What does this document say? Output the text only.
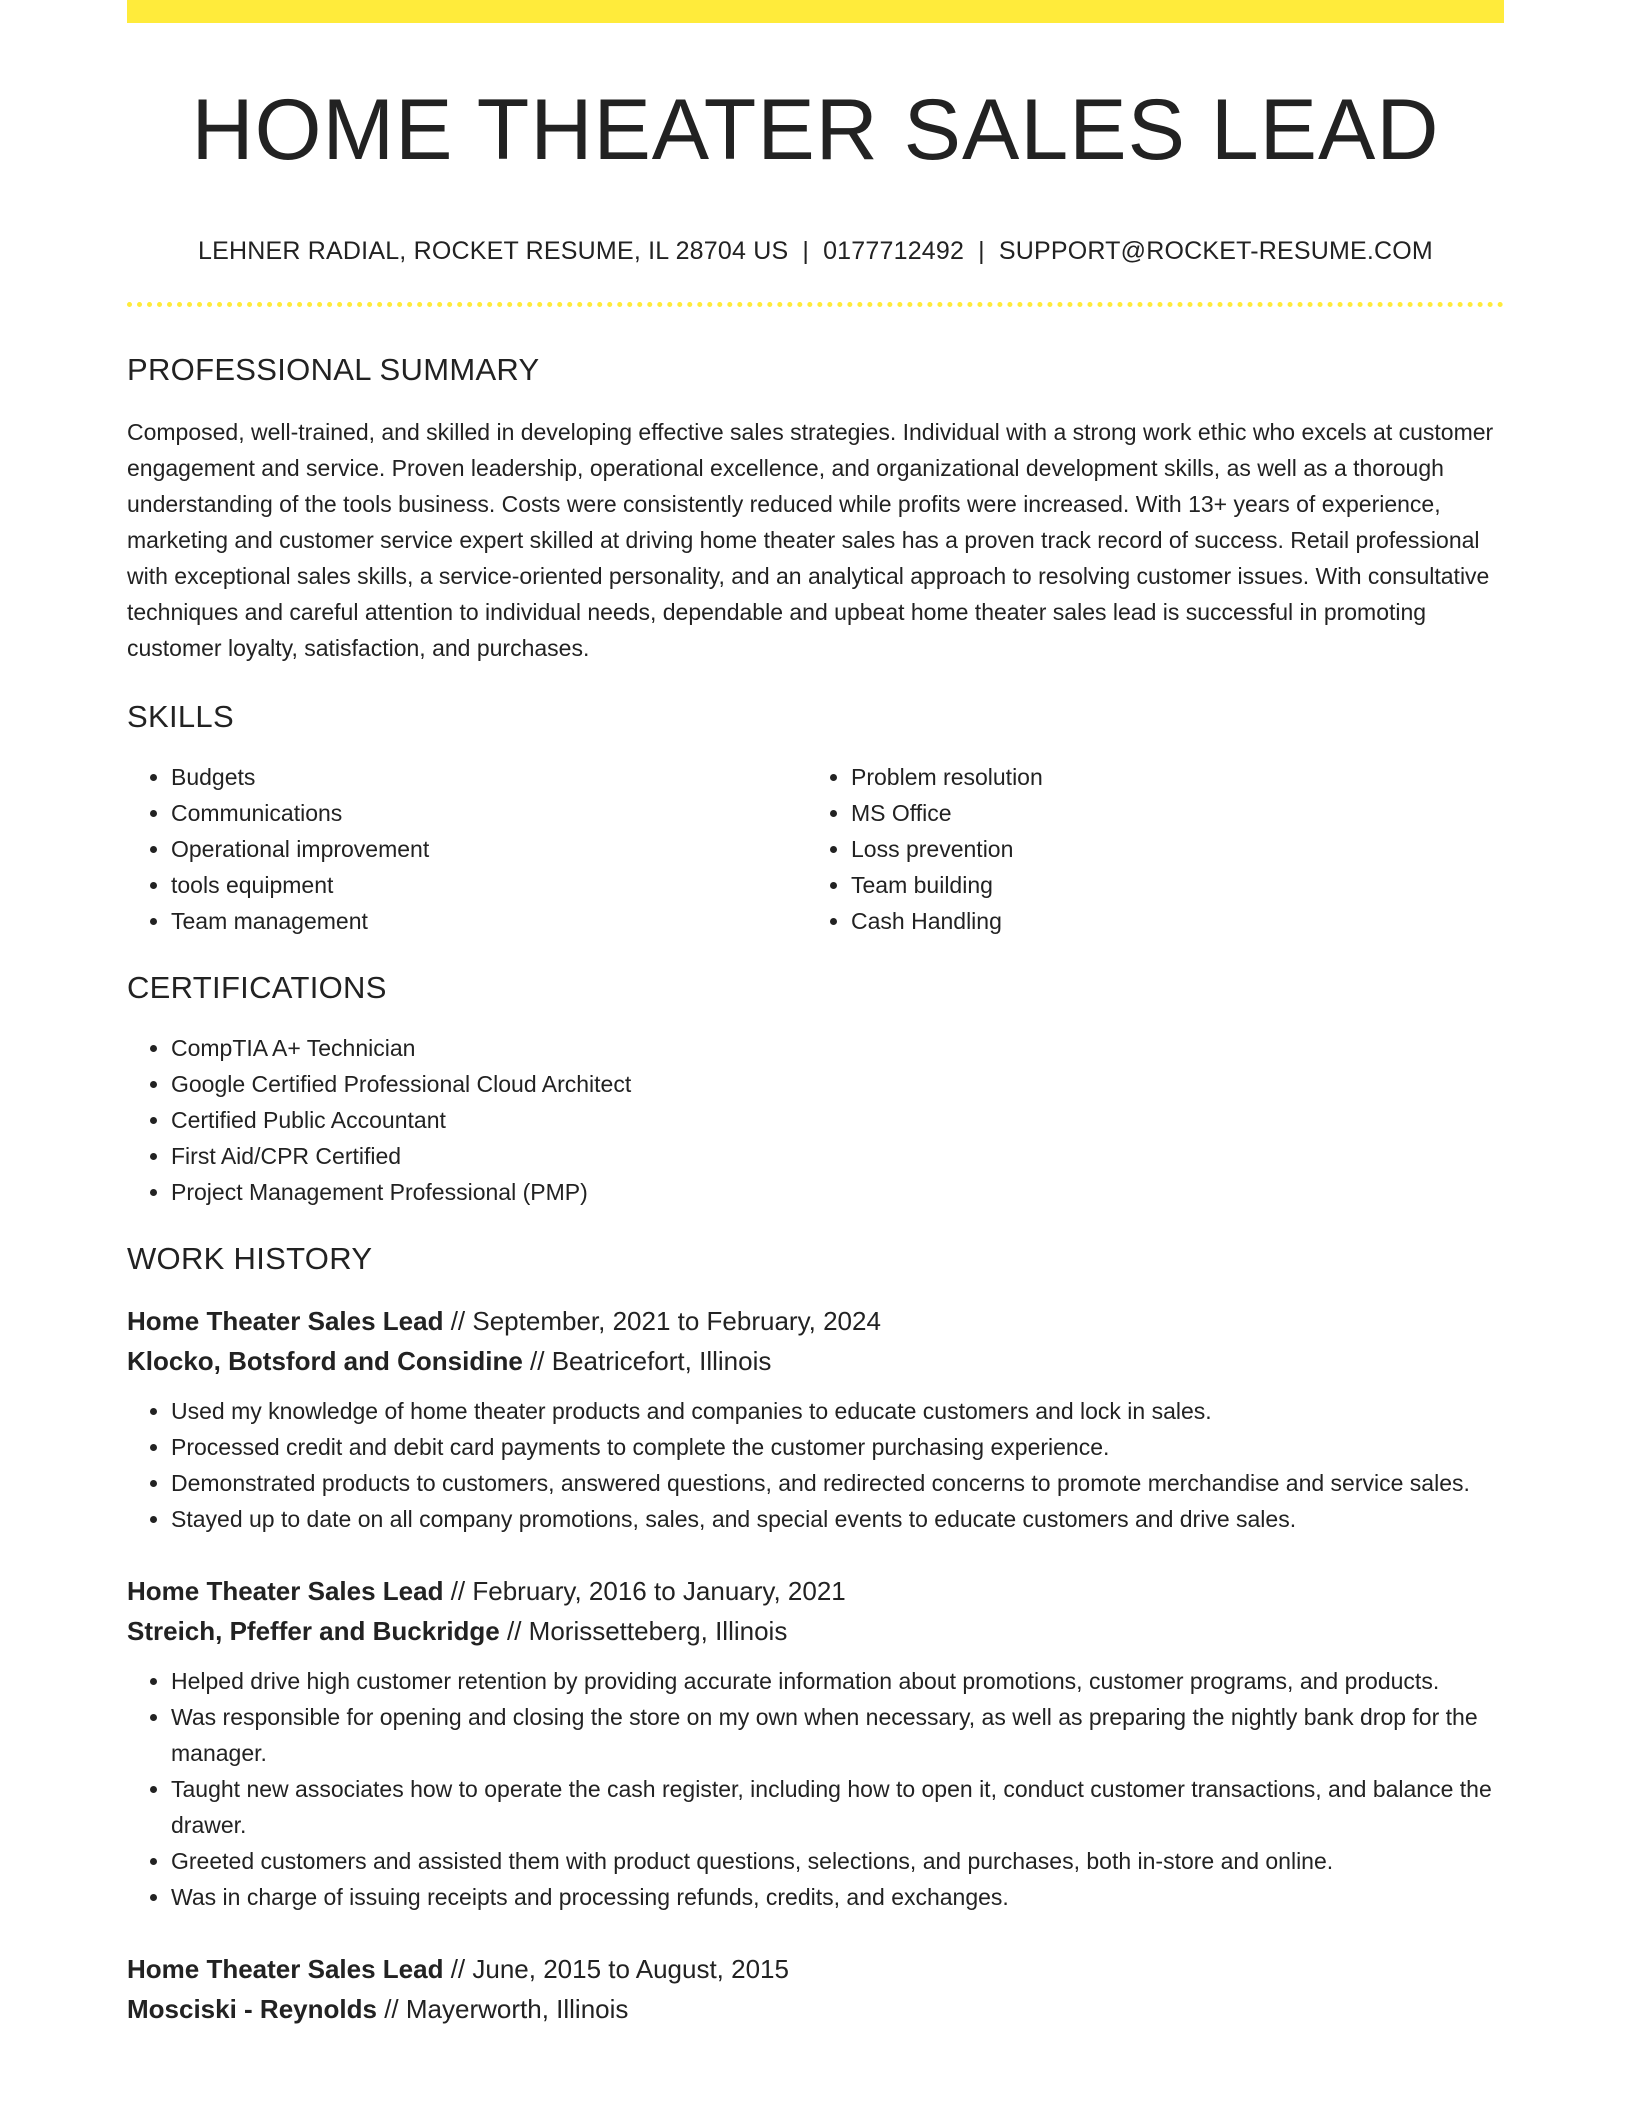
HOME THEATER SALES LEAD
LEHNER RADIAL, ROCKET RESUME, IL 28704 US | 0177712492 | SUPPORT@ROCKET-RESUME.COM
PROFESSIONAL SUMMARY

Composed, well-trained, and skilled in developing effective sales strategies. Individual with a strong work ethic who excels at customer engagement and service. Proven leadership, operational excellence, and organizational development skills, as well as a thorough understanding of the tools business. Costs were consistently reduced while profits were increased. With 13+ years of experience, marketing and customer service expert skilled at driving home theater sales has a proven track record of success. Retail professional with exceptional sales skills, a service-oriented personality, and an analytical approach to resolving customer issues. With consultative techniques and careful attention to individual needs, dependable and upbeat home theater sales lead is successful in promoting customer loyalty, satisfaction, and purchases.

SKILLS
• Budgets
• Communications
• Operational improvement
• tools equipment
• Team management
• Problem resolution
• MS Office
• Loss prevention
• Team building
• Cash Handling
CERTIFICATIONS
• CompTIA A+ Technician
• Google Certified Professional Cloud Architect
• Certified Public Accountant
• First Aid/CPR Certified
• Project Management Professional (PMP)
WORK HISTORY
Home Theater Sales Lead // September, 2021 to February, 2024
Klocko, Botsford and Considine // Beatricefort, Illinois
• Used my knowledge of home theater products and companies to educate customers and lock in sales.
• Processed credit and debit card payments to complete the customer purchasing experience.
• Demonstrated products to customers, answered questions, and redirected concerns to promote merchandise and service sales.
• Stayed up to date on all company promotions, sales, and special events to educate customers and drive sales.
Home Theater Sales Lead // February, 2016 to January, 2021
Streich, Pfeffer and Buckridge // Morissetteberg, Illinois
• Helped drive high customer retention by providing accurate information about promotions, customer programs, and products.
• Was responsible for opening and closing the store on my own when necessary, as well as preparing the nightly bank drop for the manager.
• Taught new associates how to operate the cash register, including how to open it, conduct customer transactions, and balance the drawer.
• Greeted customers and assisted them with product questions, selections, and purchases, both in-store and online.
• Was in charge of issuing receipts and processing refunds, credits, and exchanges.
Home Theater Sales Lead // June, 2015 to August, 2015
Mosciski - Reynolds // Mayerworth, Illinois
